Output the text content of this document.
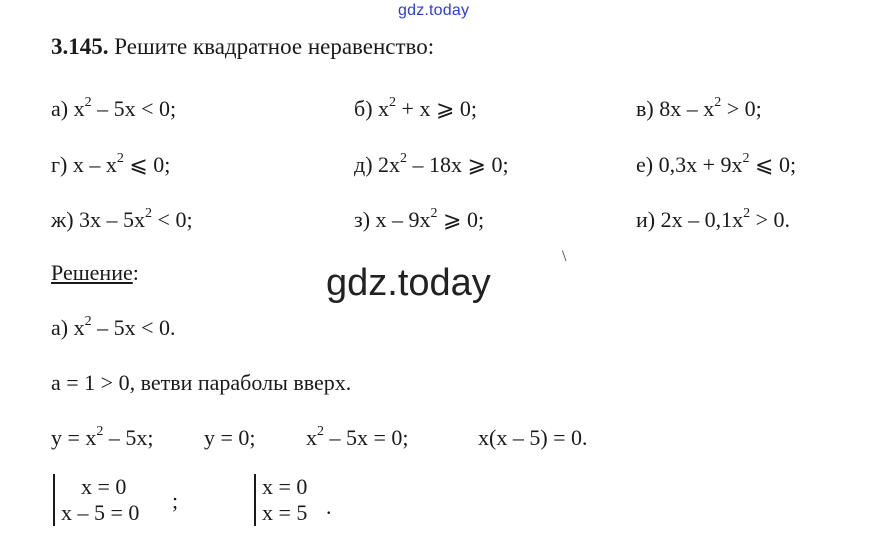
gdz.today
3.145. Решите квадратное неравенство:
а) $x^2 - 5x < 0$;	б) $x^2 + x$ ⩾ 0;	в) $8x - x^2 > 0$;
г) x – $x^2$ ⩽ 0;	д) $2x^2 - 18x$ ⩾ 0;	е) $0,3x + 9x^2$ ⩽ 0;
ж) $3x - 5x^2 < 0$;	з) x – $9x^2$ ⩾ 0;	и) $2x - 0,1x^2 > 0$.
\
Решение:	gdz.today
а) $x^2 - 5x < 0$.
a = 1 > 0, ветви параболы вверх.
$y = x^2 - 5x$; y = 0; $x^2 - 5x = 0$;	x(x – 5) = 0.
x = 0
x – 5 = 0 ;
x = 0
x = 5 .
